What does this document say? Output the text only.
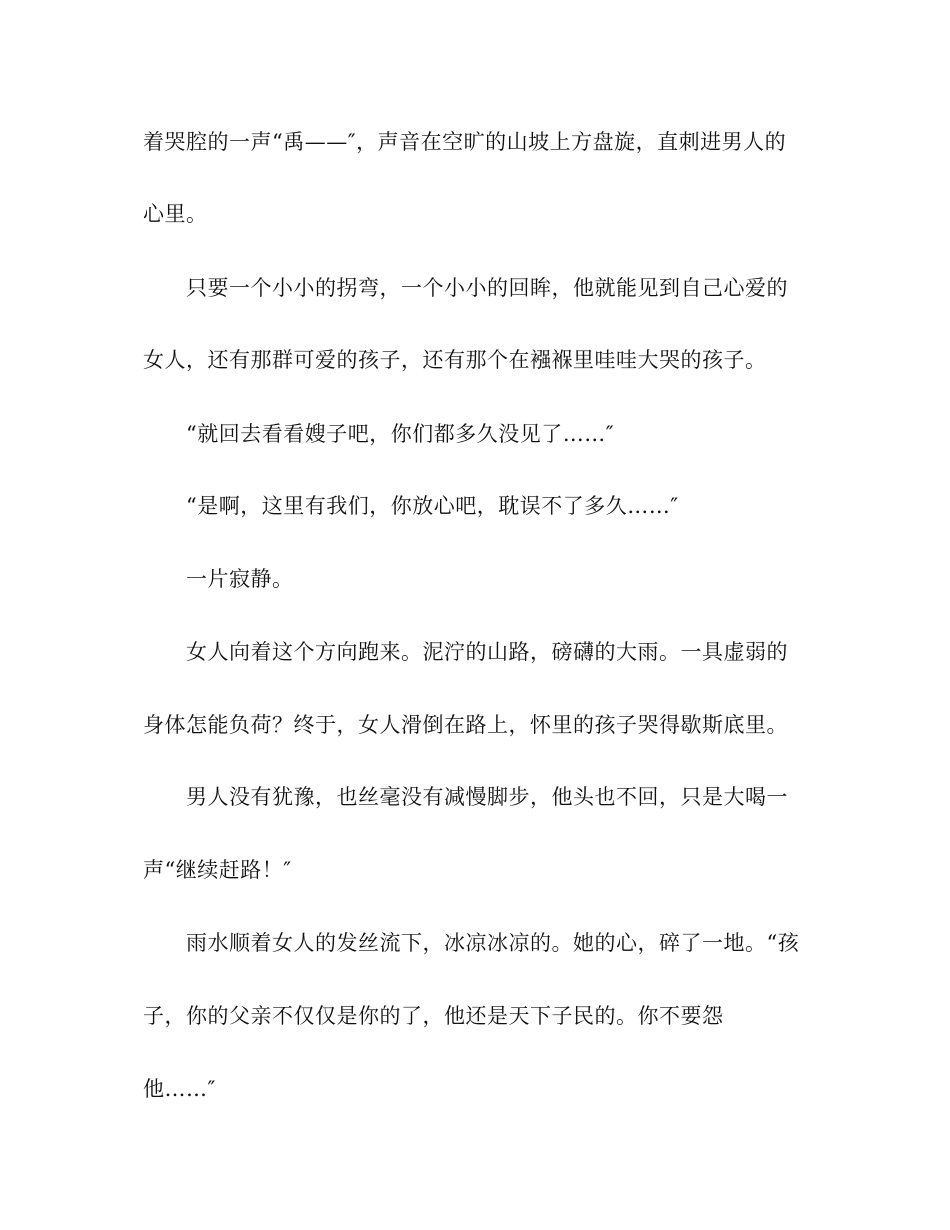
着哭腔的一声“禹——″，声音在空旷的山坡上方盘旋，直刺进男人的
心里。
只要一个小小的拐弯，一个小小的回眸，他就能见到自己心爱的
女人，还有那群可爱的孩子，还有那个在襁褓里哇哇大哭的孩子。
“就回去看看嫂子吧，你们都多久没见了……″
“是啊，这里有我们，你放心吧，耽误不了多久……″
一片寂静。
女人向着这个方向跑来。泥泞的山路，磅礴的大雨。一具虚弱的
身体怎能负荷？终于，女人滑倒在路上，怀里的孩子哭得歇斯底里。
男人没有犹豫，也丝毫没有减慢脚步，他头也不回，只是大喝一
声“继续赶路！″
雨水顺着女人的发丝流下，冰凉冰凉的。她的心，碎了一地。“孩
子，你的父亲不仅仅是你的了，他还是天下子民的。你不要怨
他……″
